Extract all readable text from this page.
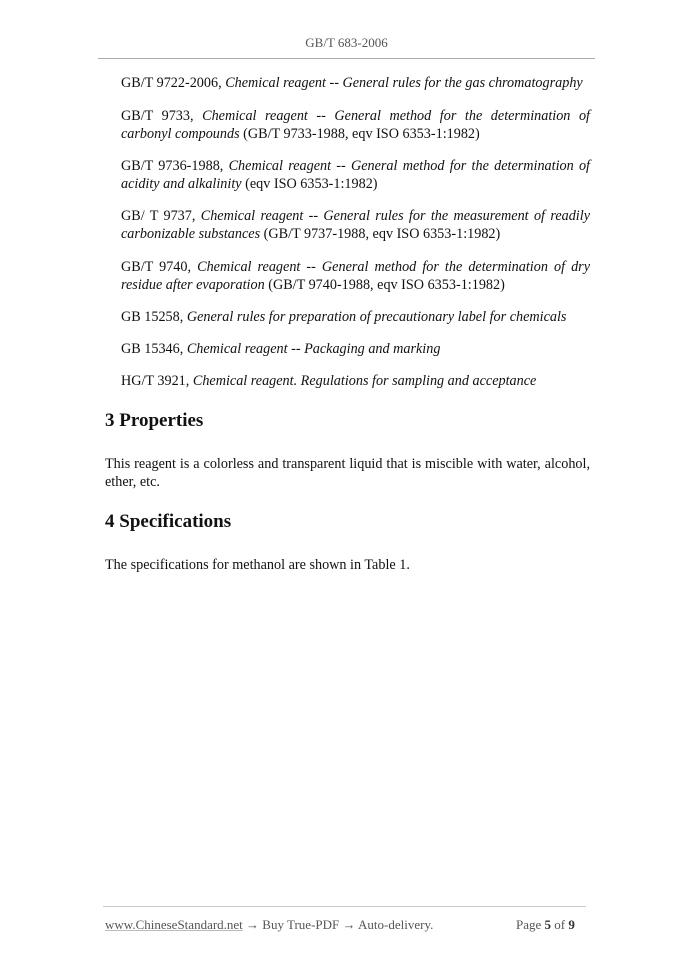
GB/T 683-2006
GB/T 9722-2006, Chemical reagent -- General rules for the gas chromatography
GB/T 9733, Chemical reagent -- General method for the determination of carbonyl compounds (GB/T 9733-1988, eqv ISO 6353-1:1982)
GB/T 9736-1988, Chemical reagent -- General method for the determination of acidity and alkalinity (eqv ISO 6353-1:1982)
GB/ T 9737, Chemical reagent -- General rules for the measurement of readily carbonizable substances (GB/T 9737-1988, eqv ISO 6353-1:1982)
GB/T 9740, Chemical reagent -- General method for the determination of dry residue after evaporation (GB/T 9740-1988, eqv ISO 6353-1:1982)
GB 15258, General rules for preparation of precautionary label for chemicals
GB 15346, Chemical reagent -- Packaging and marking
HG/T 3921, Chemical reagent. Regulations for sampling and acceptance
3 Properties
This reagent is a colorless and transparent liquid that is miscible with water, alcohol, ether, etc.
4 Specifications
The specifications for methanol are shown in Table 1.
www.ChineseStandard.net → Buy True-PDF → Auto-delivery.	Page 5 of 9
